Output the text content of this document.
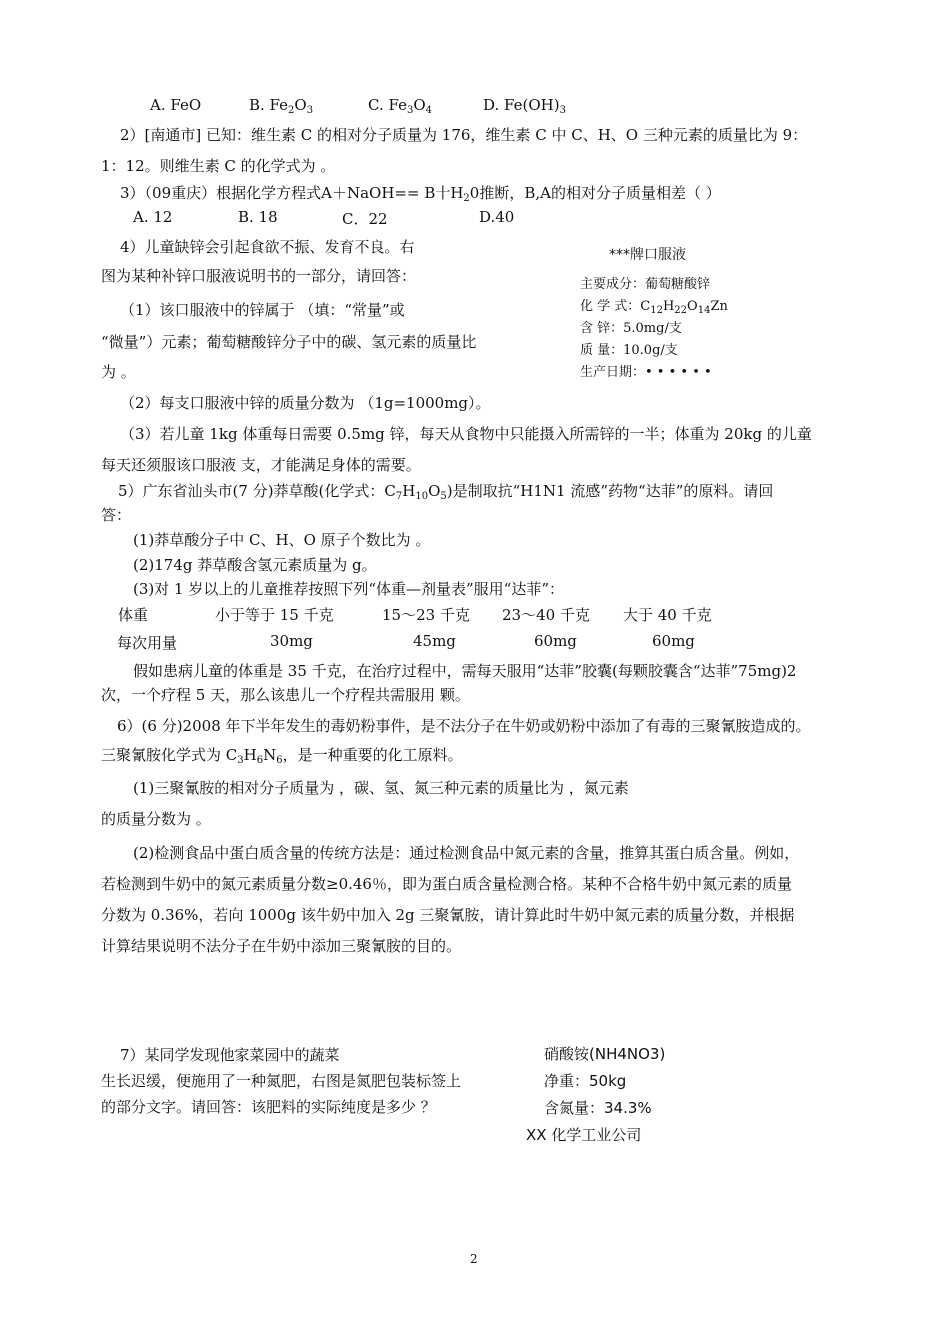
A. FeO	B. $Fe_2O_3$	C. $Fe_3O_4$	D. $Fe(OH)_3$
2）[南通市] 已知：维生素 C 的相对分子质量为 176，维生素 C 中 C、H、O 三种元素的质量比为 9：
1：12。则维生素 C 的化学式为 。
3）（09重庆）根据化学方程式A＋NaOH== B十$H_20$推断，B,A的相对分子质量相差（ ）
A. 12	B. 18	C．22	D.40
4）儿童缺锌会引起食欲不振、发育不良。右
图为某种补锌口服液说明书的一部分，请回答：
（1）该口服液中的锌属于 （填：“常量”或
“微量”）元素；葡萄糖酸锌分子中的碳、氢元素的质量比
为 。
***牌口服液
主要成分：葡萄糖酸锌
化 学 式：$C_{12}H_{22}O_{14}Zn$
含 锌：5.0mg/支
质 量：10.0g/支
生产日期：• • • • • •
（2）每支口服液中锌的质量分数为 （1g=1000mg）。
（3）若儿童 1kg 体重每日需要 0.5mg 锌，每天从食物中只能摄入所需锌的一半；体重为 20kg 的儿童
每天还须服该口服液 支，才能满足身体的需要。
5）广东省汕头市(7 分)莽草酸(化学式：$C_7H_{10}O_5$)是制取抗“H1N1 流感”药物“达菲”的原料。请回
答：
(1)莽草酸分子中 C、H、O 原子个数比为 。
(2)174g 莽草酸含氢元素质量为 g。
(3)对 1 岁以上的儿童推荐按照下列“体重—剂量表”服用“达菲”：
体重	小于等于 15 千克	15～23 千克 23～40 千克 大于 40 千克
每次用量	30mg	45mg	60mg	60mg
假如患病儿童的体重是 35 千克，在治疗过程中，需每天服用“达菲”胶囊(每颗胶囊含“达菲”75mg)2
次，一个疗程 5 天，那么该患儿一个疗程共需服用 颗。
6）(6 分)2008 年下半年发生的毒奶粉事件，是不法分子在牛奶或奶粉中添加了有毒的三聚氰胺造成的。
三聚氰胺化学式为 $C_3H_6N_6$，是一种重要的化工原料。
(1)三聚氰胺的相对分子质量为 ，碳、氢、氮三种元素的质量比为 ，氮元素
的质量分数为 。
(2)检测食品中蛋白质含量的传统方法是：通过检测食品中氮元素的含量，推算其蛋白质含量。例如，
若检测到牛奶中的氮元素质量分数≥0.46％，即为蛋白质含量检测合格。某种不合格牛奶中氮元素的质量
分数为 0.36%，若向 1000g 该牛奶中加入 2g 三聚氰胺，请计算此时牛奶中氮元素的质量分数，并根据
计算结果说明不法分子在牛奶中添加三聚氰胺的目的。
7）某同学发现他家菜园中的蔬菜
生长迟缓，便施用了一种氮肥，右图是氮肥包装标签上
的部分文字。请回答：该肥料的实际纯度是多少 ？
硝酸铵(NH4NO3)
净重：50kg
含氮量：34.3%
XX 化学工业公司
2
